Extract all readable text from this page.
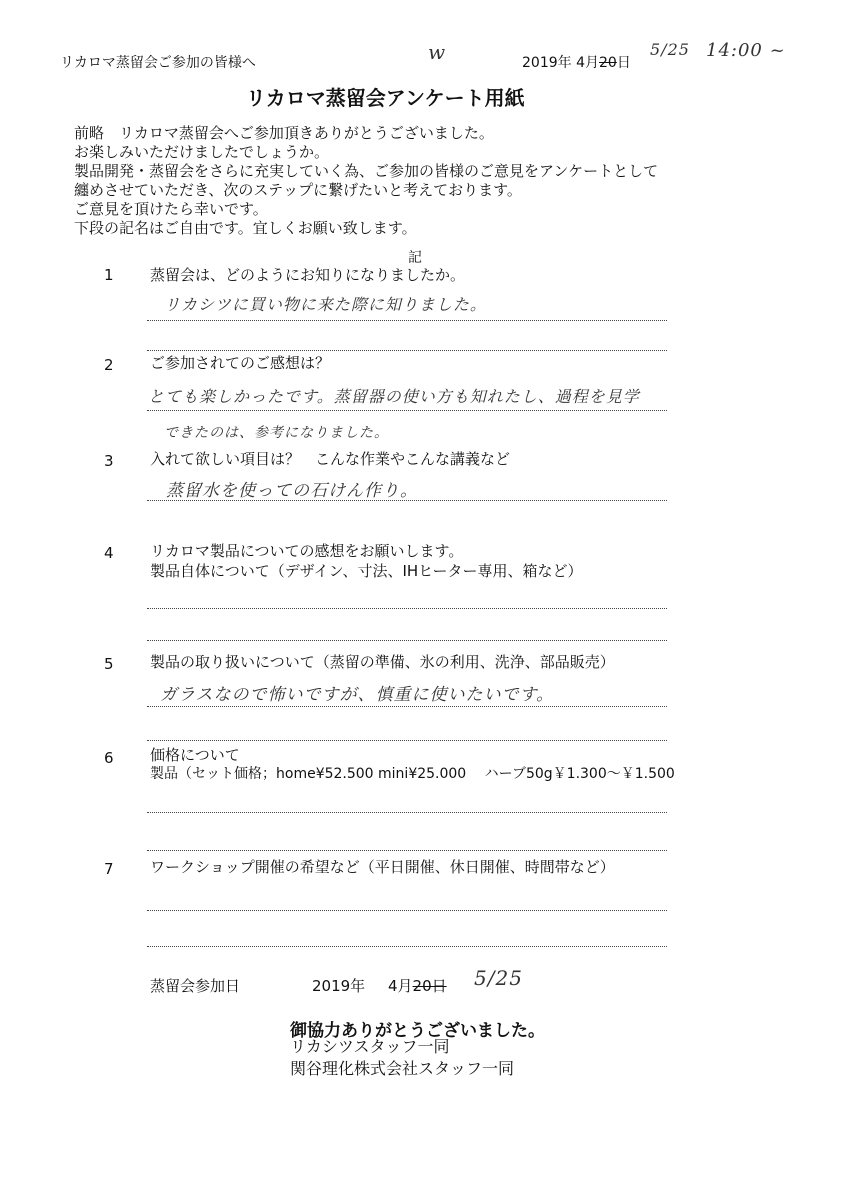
リカロマ蒸留会ご参加の皆様へ	w	2019年 4月20日
5/25 14:00 ~
リカロマ蒸留会アンケート用紙
前略　リカロマ蒸留会へご参加頂きありがとうございました。
お楽しみいただけましたでしょうか。
製品開発・蒸留会をさらに充実していく為、ご参加の皆様のご意見をアンケートとして
纏めさせていただき、次のステップに繋げたいと考えております。
ご意見を頂けたら幸いです。
下段の記名はご自由です。宜しくお願い致します。
記
1 蒸留会は、どのようにお知りになりましたか。
リカシツに買い物に来た際に知りました。
2 ご参加されてのご感想は？
とても楽しかったです。蒸留器の使い方も知れたし、過程を見学
できたのは、参考になりました。
3 入れて欲しい項目は？　こんな作業やこんな講義など
蒸留水を使っての石けん作り。
4 リカロマ製品についての感想をお願いします。
製品自体について（デザイン、寸法、IHヒーター専用、箱など）
5 製品の取り扱いについて（蒸留の準備、氷の利用、洗浄、部品販売）
ガラスなので怖いですが、慎重に使いたいです。
6 価格について
製品（セット価格；home¥52.500 mini¥25.000　 ハーブ50g￥1.300～￥1.500
7 ワークショップ開催の希望など（平日開催、休日開催、時間帯など）
蒸留会参加日	2019年 4月20日 5/25
御協力ありがとうございました。
リカシツスタッフ一同
関谷理化株式会社スタッフ一同
